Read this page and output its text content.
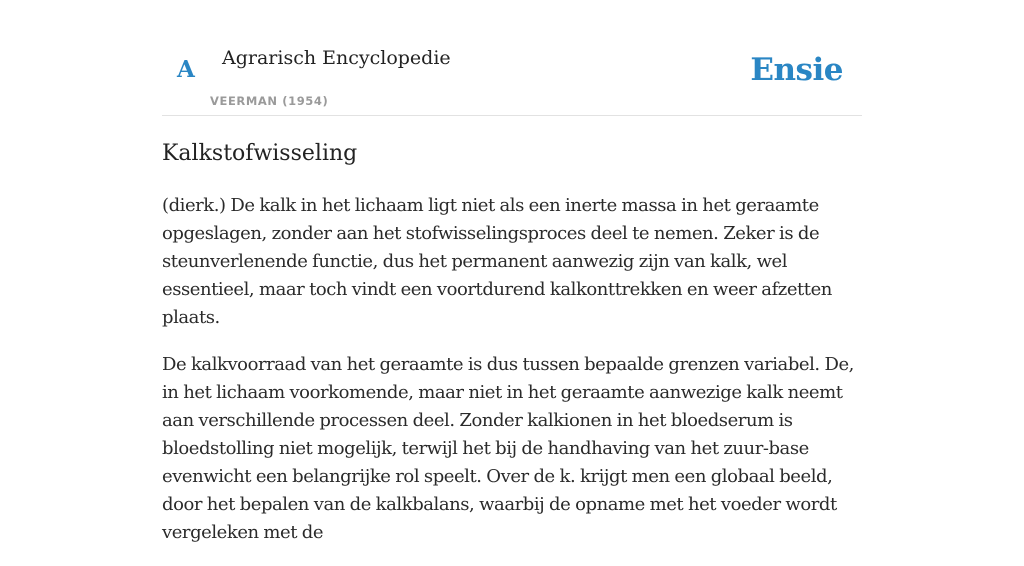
A Agrarisch Encyclopedie
VEERMAN (1954)
Ensie
Kalkstofwisseling

(dierk.) De kalk in het lichaam ligt niet als een inerte massa in het geraamte opgeslagen, zonder aan het stofwisselingsproces deel te nemen. Zeker is de steunverlenende functie, dus het permanent aanwezig zijn van kalk, wel essentieel, maar toch vindt een voortdurend kalkonttrekken en weer afzetten plaats.

De kalkvoorraad van het geraamte is dus tussen bepaalde grenzen variabel. De, in het lichaam voorkomende, maar niet in het geraamte aanwezige kalk neemt aan verschillende processen deel. Zonder kalkionen in het bloedserum is bloedstolling niet mogelijk, terwijl het bij de handhaving van het zuur-base evenwicht een belangrijke rol speelt. Over de k. krijgt men een globaal beeld, door het bepalen van de kalkbalans, waarbij de opname met het voeder wordt vergeleken met de
